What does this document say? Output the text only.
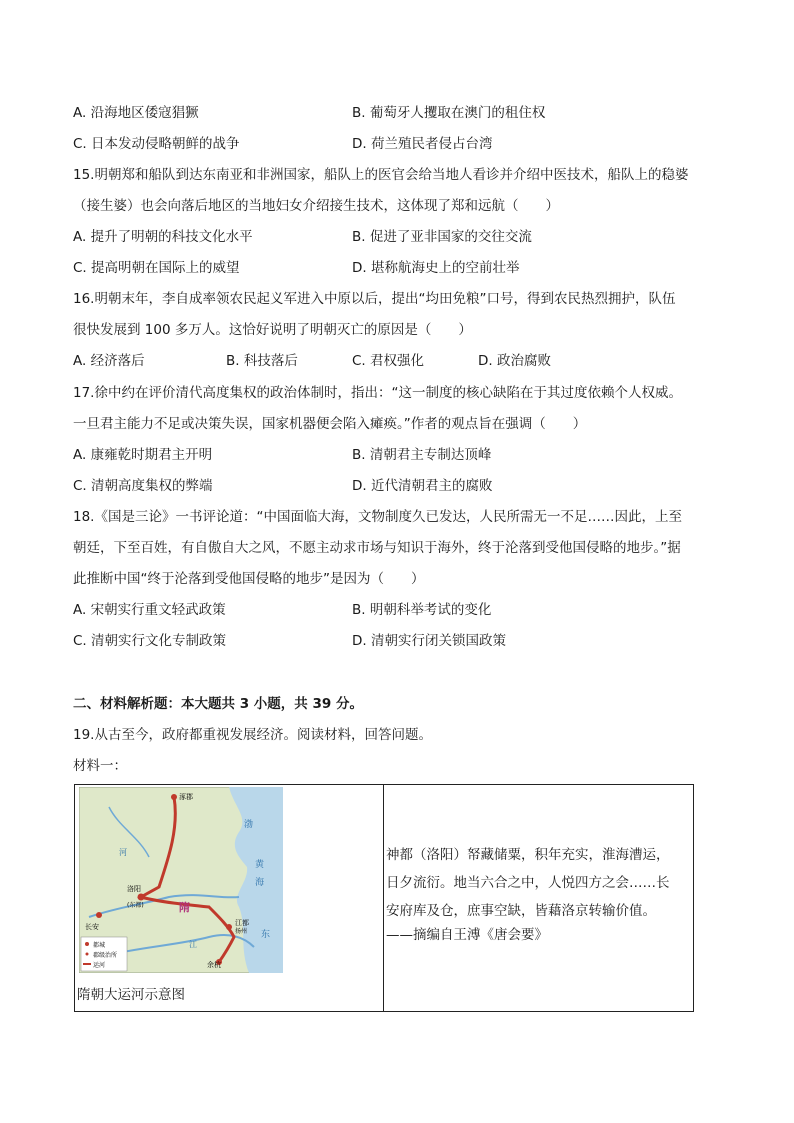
A. 沿海地区倭寇猖獗	B. 葡萄牙人攫取在澳门的租住权
C. 日本发动侵略朝鲜的战争	D. 荷兰殖民者侵占台湾
15.明朝郑和船队到达东南亚和非洲国家，船队上的医官会给当地人看诊并介绍中医技术，船队上的稳婆
（接生婆）也会向落后地区的当地妇女介绍接生技术，这体现了郑和远航（　　）
A. 提升了明朝的科技文化水平	B. 促进了亚非国家的交往交流
C. 提高明朝在国际上的威望	D. 堪称航海史上的空前壮举
16.明朝末年，李自成率领农民起义军进入中原以后，提出“均田免粮”口号，得到农民热烈拥护，队伍
很快发展到 100 多万人。这恰好说明了明朝灭亡的原因是（　　）
A. 经济落后	B. 科技落后	C. 君权强化	D. 政治腐败
17.徐中约在评价清代高度集权的政治体制时，指出：“这一制度的核心缺陷在于其过度依赖个人权威。
一旦君主能力不足或决策失误，国家机器便会陷入瘫痪。”作者的观点旨在强调（　　）
A. 康雍乾时期君主开明	B. 清朝君主专制达顶峰
C. 清朝高度集权的弊端	D. 近代清朝君主的腐败
18.《国是三论》一书评论道：“中国面临大海，文物制度久已发达，人民所需无一不足……因此，上至
朝廷，下至百姓，有自傲自大之风，不愿主动求市场与知识于海外，终于沦落到受他国侵略的地步。”据
此推断中国“终于沦落到受他国侵略的地步”是因为（　　）
A. 宋朝实行重文轻武政策	B. 明朝科举考试的变化
C. 清朝实行文化专制政策	D. 清朝实行闭关锁国政策
二、材料解析题：本大题共 3 小题，共 39 分。
19.从古至今，政府都重视发展经济。阅读材料，回答问题。
材料一：
涿郡
洛阳
(东都)
长安
隋
江都
扬州
余杭
渤
黄
海
东
河
江
都城
郡级治所
运河
隋朝大运河示意图

神都（洛阳）帑藏储粟，积年充实，淮海漕运，
日夕流衍。地当六合之中，人悦四方之会……长
安府库及仓，庶事空缺，皆藉洛京转输价值。
——摘编自王溥《唐会要》
